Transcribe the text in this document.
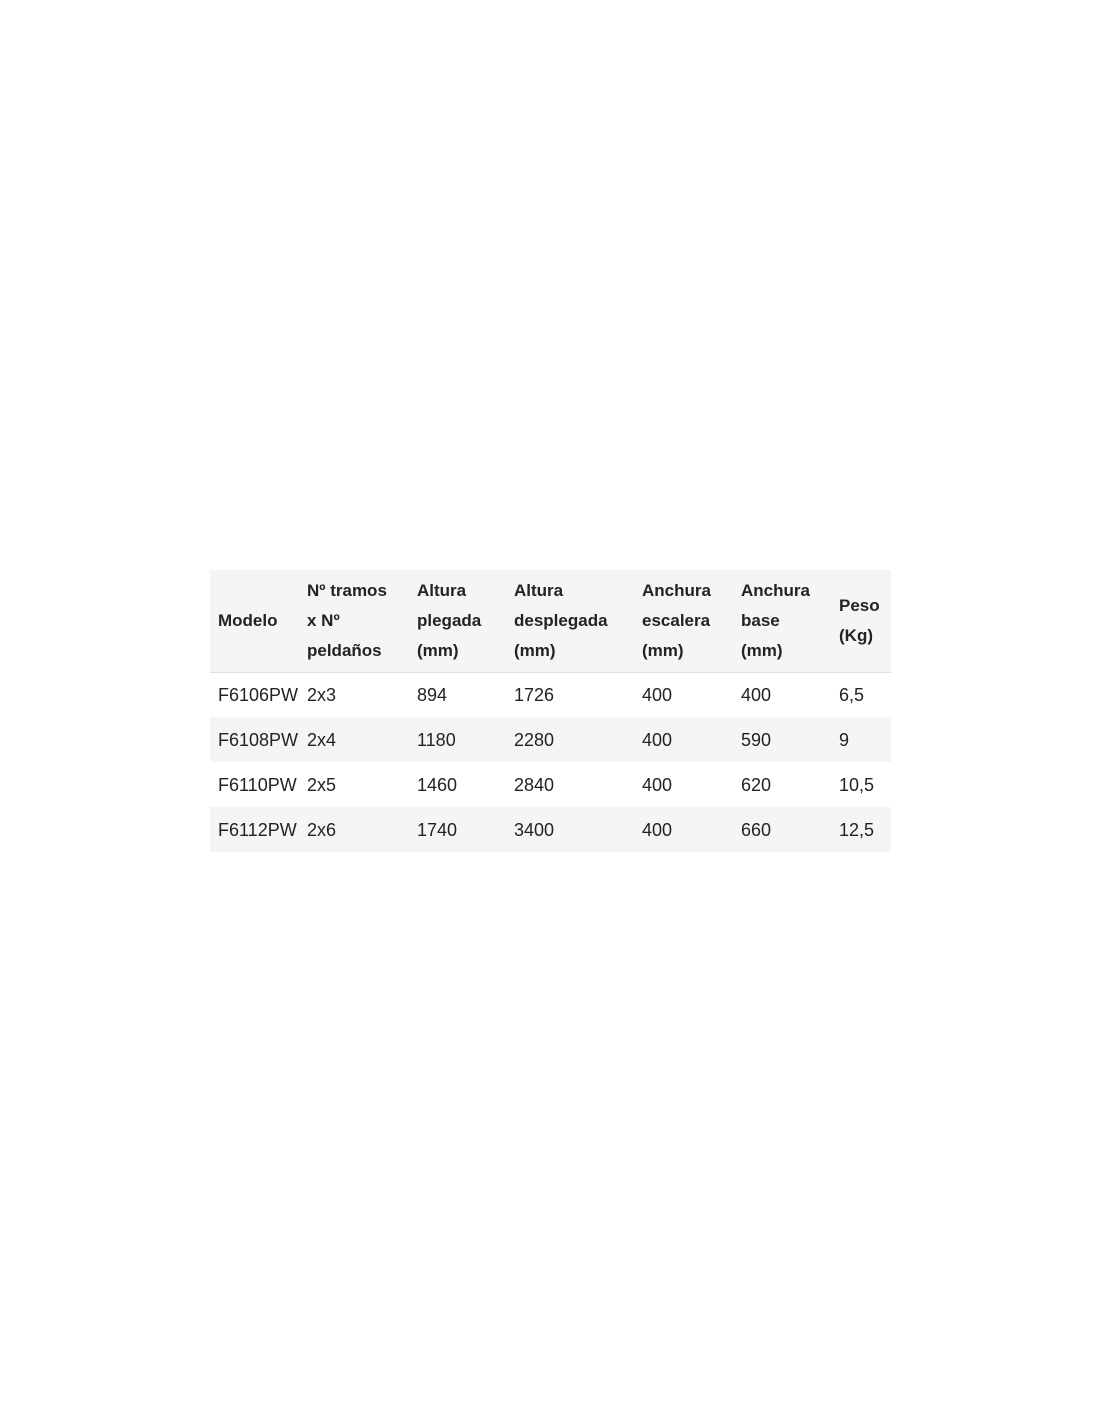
Modelo	Nº tramos x Nº peldaños	Altura plegada (mm)	Altura desplegada (mm)	Anchura escalera (mm)	Anchura base (mm)	Peso (Kg)
F6106PW	2x3	894	1726	400	400	6,5
F6108PW	2x4	1180	2280	400	590	9
F6110PW	2x5	1460	2840	400	620	10,5
F6112PW	2x6	1740	3400	400	660	12,5
